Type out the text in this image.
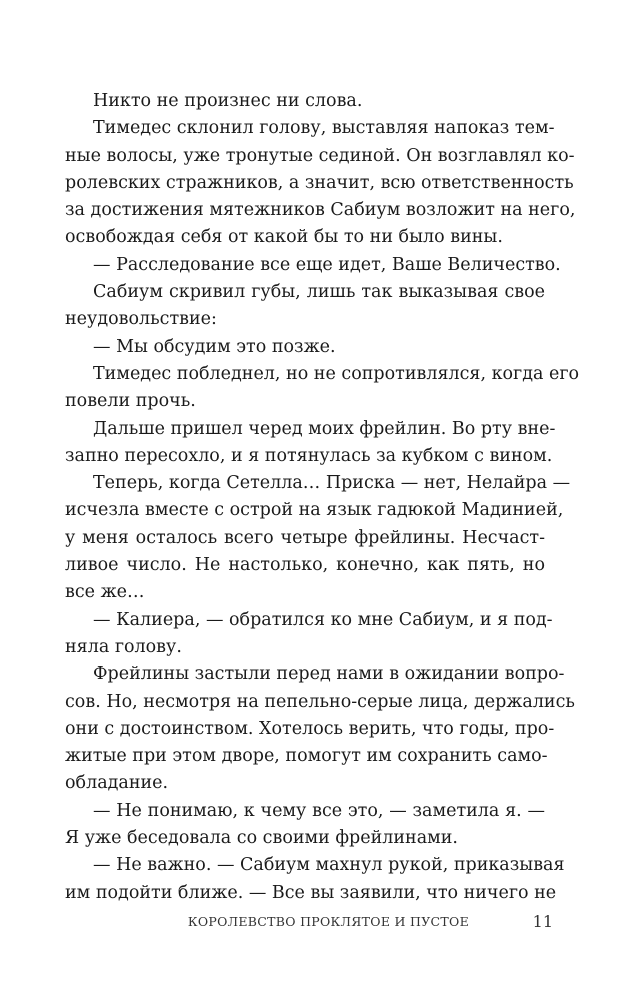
Никто не произнес ни слова.
Тимедес склонил голову, выставляя напоказ тем-
ные волосы, уже тронутые сединой. Он возглавлял ко-
ролевских стражников, а значит, всю ответственность
за достижения мятежников Сабиум возложит на него,
освобождая себя от какой бы то ни было вины.
— Расследование все еще идет, Ваше Величество.
Сабиум скривил губы, лишь так выказывая свое
неудовольствие:
— Мы обсудим это позже.
Тимедес побледнел, но не сопротивлялся, когда его
повели прочь.
Дальше пришел черед моих фрейлин. Во рту вне-
запно пересохло, и я потянулась за кубком с вином.
Теперь, когда Сетелла… Приска — нет, Нелайра —
исчезла вместе с острой на язык гадюкой Мадинией,
у меня осталось всего четыре фрейлины. Несчаст-
ливое число. Не настолько, конечно, как пять, но
все же…
— Калиера, — обратился ко мне Сабиум, и я под-
няла голову.
Фрейлины застыли перед нами в ожидании вопро-
сов. Но, несмотря на пепельно-серые лица, держались
они с достоинством. Хотелось верить, что годы, про-
житые при этом дворе, помогут им сохранить само-
обладание.
— Не понимаю, к чему все это, — заметила я. —
Я уже беседовала со своими фрейлинами.
— Не важно. — Сабиум махнул рукой, приказывая
им подойти ближе. — Все вы заявили, что ничего не
КОРОЛЕВСТВО ПРОКЛЯТОЕ И ПУСТОЕ	11
